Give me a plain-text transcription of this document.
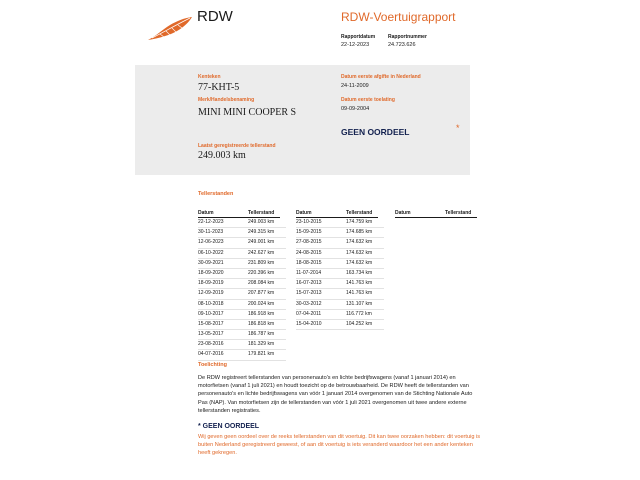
RDW	RDW-Voertuigrapport
Rapportdatum	Rapportnummer
22-12-2023	24.723.626
Kenteken
77-KHT-5
Merk/Handelsbenaming
MINI MINI COOPER S
Laatst geregistreerde tellerstand
249.003 km
Datum eerste afgifte in Nederland
24-11-2009
Datum eerste toelating
09-09-2004
GEEN OORDEEL	*
Tellerstanden
Datum	Tellerstand
22-12-2023	249.003 km
30-11-2023	249.315 km
12-06-2023	249.001 km
06-10-2022	242.627 km
30-09-2021	231.809 km
18-09-2020	220.396 km
18-09-2019	208.084 km
12-09-2019	207.877 km
08-10-2018	200.024 km
09-10-2017	186.918 km
15-08-2017	186.818 km
13-05-2017	186.787 km
23-08-2016	181.329 km
04-07-2016	179.821 km
Datum	Tellerstand
23-10-2015	174.759 km
15-09-2015	174.685 km
27-08-2015	174.632 km
24-08-2015	174.632 km
18-08-2015	174.632 km
11-07-2014	163.734 km
16-07-2013	141.763 km
15-07-2013	141.763 km
30-03-2012	131.107 km
07-04-2011	116.772 km
15-04-2010	104.252 km
Datum	Tellerstand
Toelichting
De RDW registreert tellerstanden van personenauto's en lichte bedrijfswagens (vanaf 1 januari 2014) en motorfietsen (vanaf 1 juli 2021) en houdt toezicht op de betrouwbaarheid. De RDW heeft de tellerstanden van personenauto's en lichte bedrijfswagens van vóór 1 januari 2014 overgenomen van de Stichting Nationale Auto Pas (NAP). Van motorfietsen zijn de tellerstanden van vóór 1 juli 2021 overgenomen uit twee andere externe tellerstanden registraties.
* GEEN OORDEEL
Wij geven geen oordeel over de reeks tellerstanden van dit voertuig. Dit kan twee oorzaken hebben: dit voertuig is buiten Nederland geregistreerd geweest, of aan dit voertuig is iets veranderd waardoor het een ander kenteken heeft gekregen.
